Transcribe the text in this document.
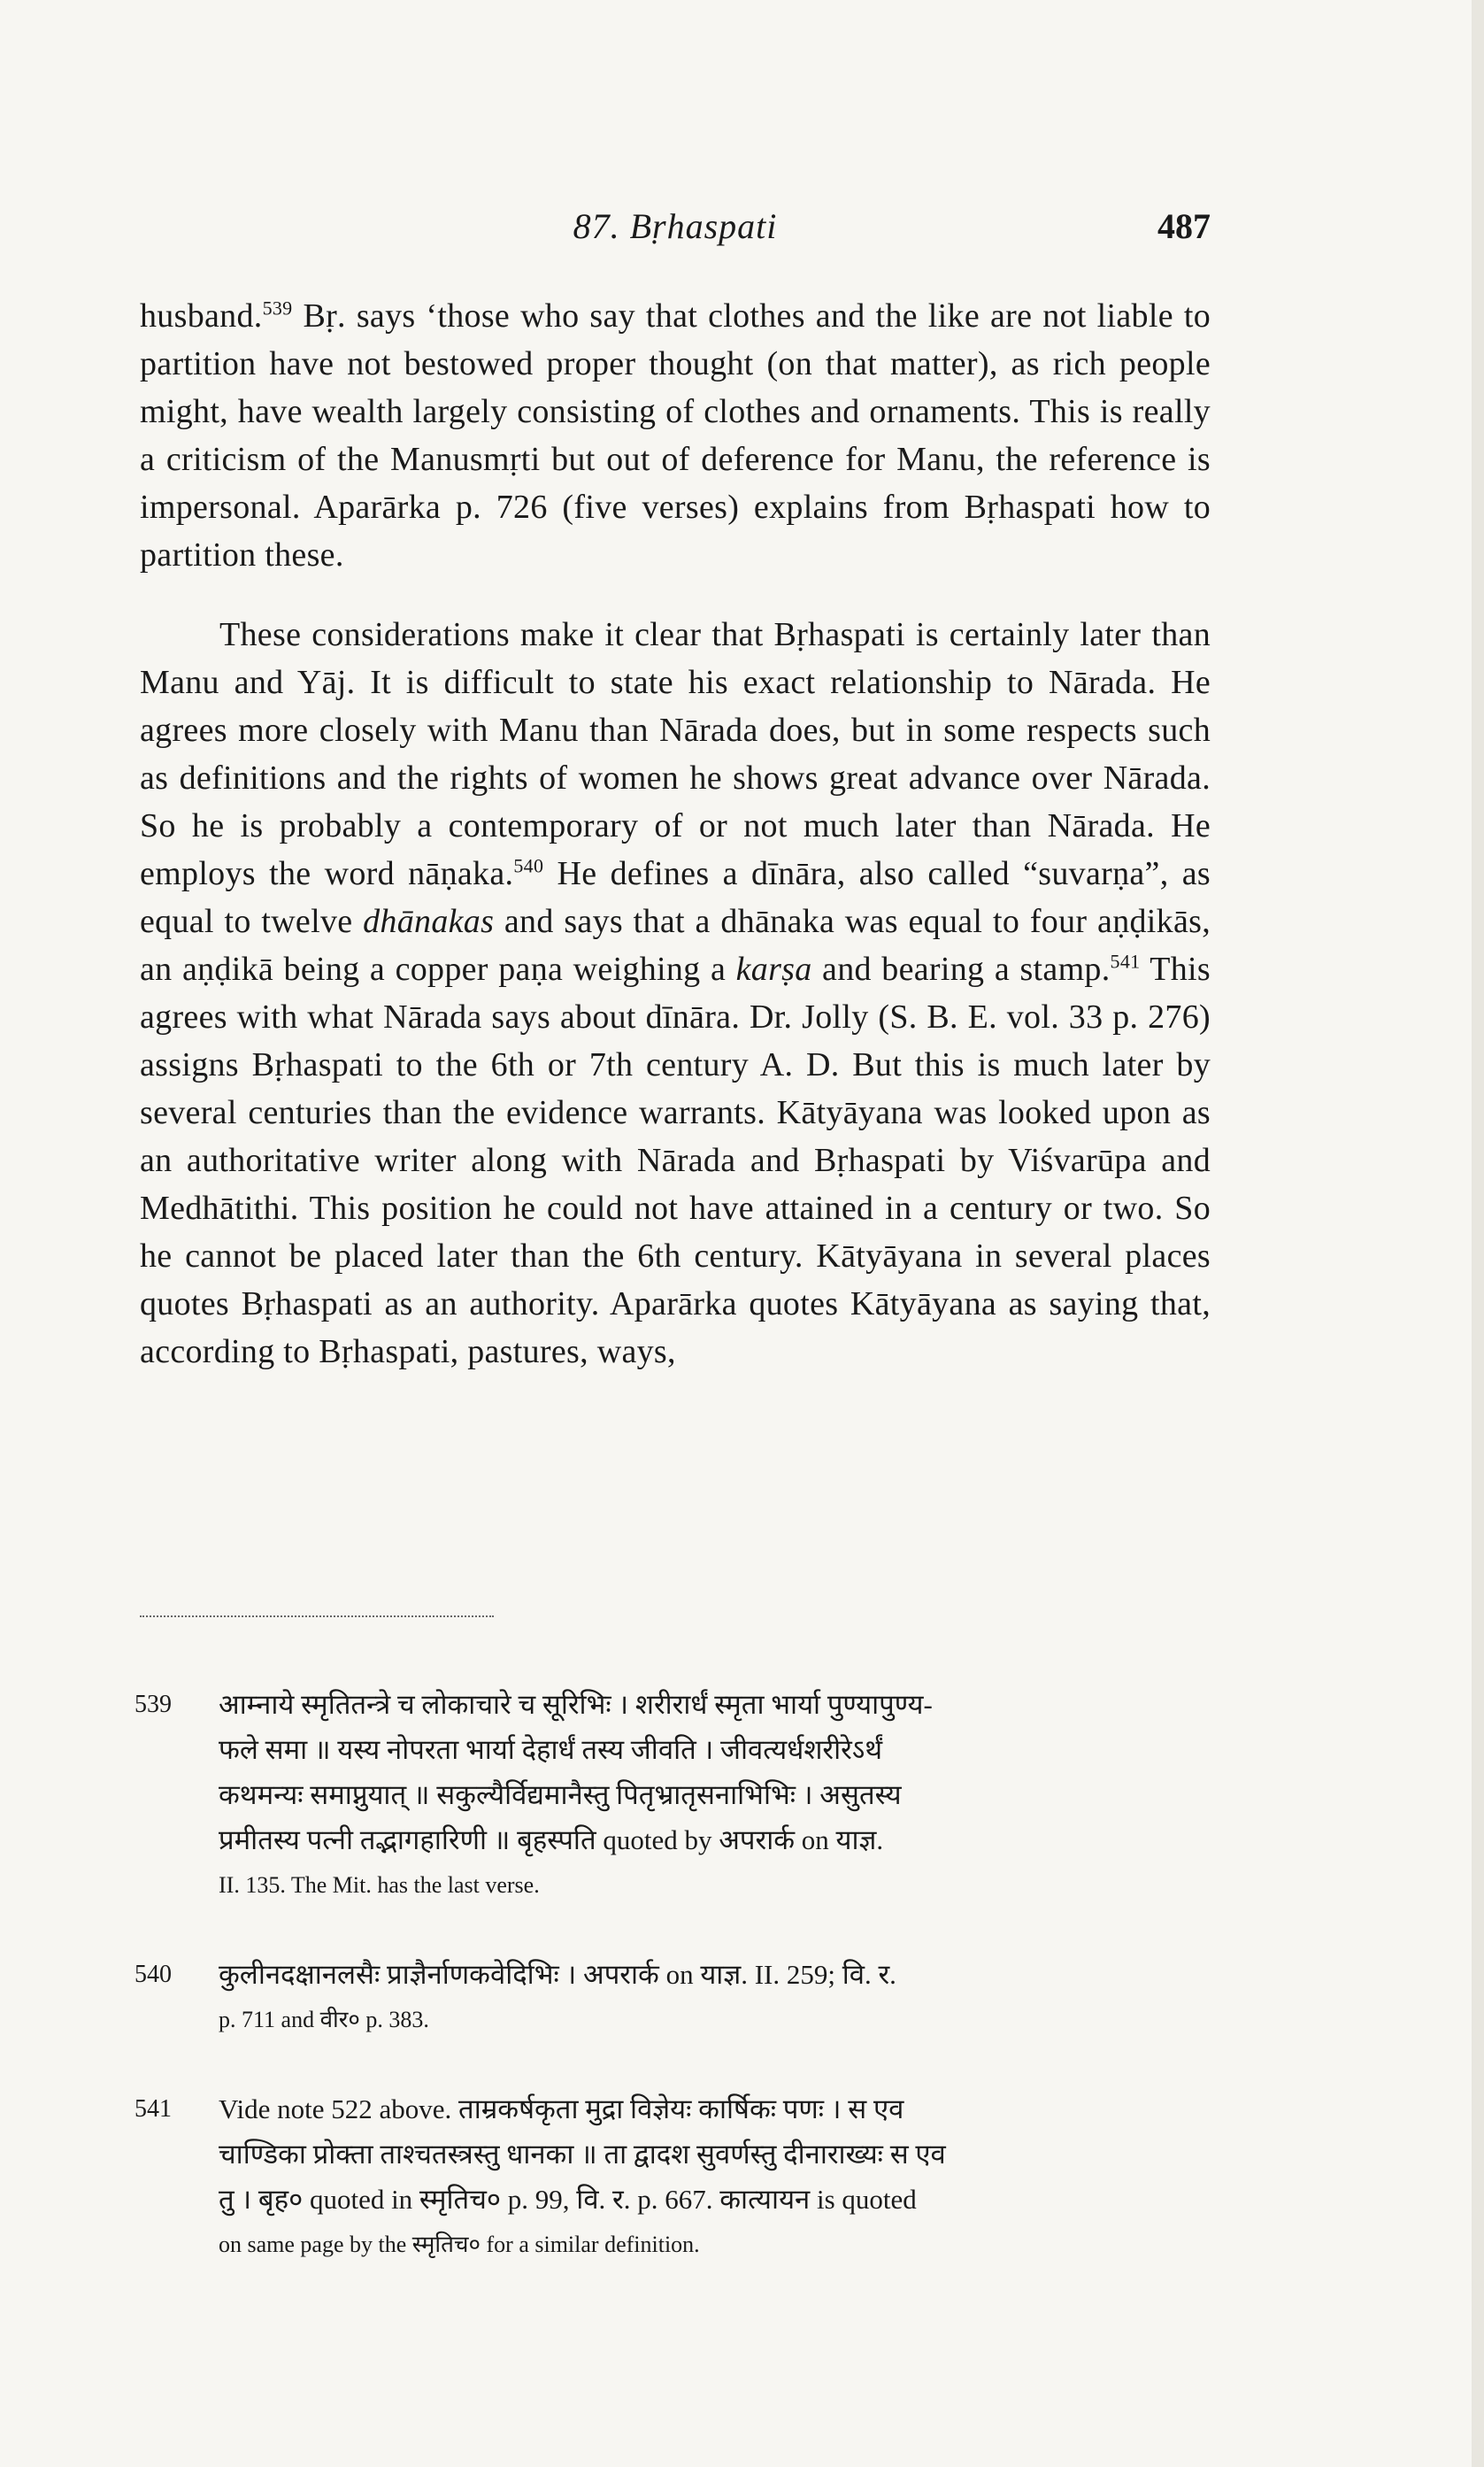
87. Bṛhaspati	487

husband.$^{539}$ Bṛ. says ‘those who say that clothes and the like are not liable to partition have not bestowed proper thought (on that matter), as rich people might, have wealth largely consisting of clothes and ornaments. This is really a criticism of the Manusmṛti but out of deference for Manu, the reference is impersonal. Aparārka p. 726 (five verses) explains from Bṛhaspati how to partition these.

These considerations make it clear that Bṛhaspati is certainly later than Manu and Yāj. It is difficult to state his exact relationship to Nārada. He agrees more closely with Manu than Nārada does, but in some respects such as definitions and the rights of women he shows great advance over Nārada. So he is probably a contemporary of or not much later than Nārada. He employs the word nāṇaka.$^{540}$ He defines a dīnāra, also called “suvarṇa”, as equal to twelve dhānakas and says that a dhānaka was equal to four aṇḍikās, an aṇḍikā being a copper paṇa weighing a karṣa and bearing a stamp.$^{541}$ This agrees with what Nārada says about dīnāra. Dr. Jolly (S. B. E. vol. 33 p. 276) assigns Bṛhaspati to the 6th or 7th century A. D. But this is much later by several centuries than the evidence warrants. Kātyāyana was looked upon as an authoritative writer along with Nārada and Bṛhaspati by Viśvarūpa and Medhātithi. This position he could not have attained in a century or two. So he cannot be placed later than the 6th century. Kātyāyana in several places quotes Bṛhaspati as an authority. Aparārka quotes Kātyāyana as saying that, according to Bṛhaspati, pastures, ways,

539	आम्नाये स्मृतितन्त्रे च लोकाचारे च सूरिभिः । शरीरार्धं स्मृता भार्या पुण्यापुण्य-
फले समा ॥ यस्य नोपरता भार्या देहार्धं तस्य जीवति । जीवत्यर्धशरीरेऽर्थं
कथमन्यः समाप्नुयात् ॥ सकुल्यैर्विद्यमानैस्तु पितृभ्रातृसनाभिभिः । असुतस्य
प्रमीतस्य पत्नी तद्भागहारिणी ॥ बृहस्पति quoted by अपरार्क on याज्ञ.
II. 135. The Mit. has the last verse.
540	कुलीनदक्षानलसैः प्राज्ञैर्नाणकवेदिभिः । अपरार्क on याज्ञ. II. 259; वि. र.
p. 711 and वीर० p. 383.
541	Vide note 522 above. ताम्रकर्षकृता मुद्रा विज्ञेयः कार्षिकः पणः । स एव
चाण्डिका प्रोक्ता ताश्चतस्त्रस्तु धानका ॥ ता द्वादश सुवर्णस्तु दीनाराख्यः स एव
तु । बृह० quoted in स्मृतिच० p. 99, वि. र. p. 667. कात्यायन is quoted
on same page by the स्मृतिच० for a similar definition.
